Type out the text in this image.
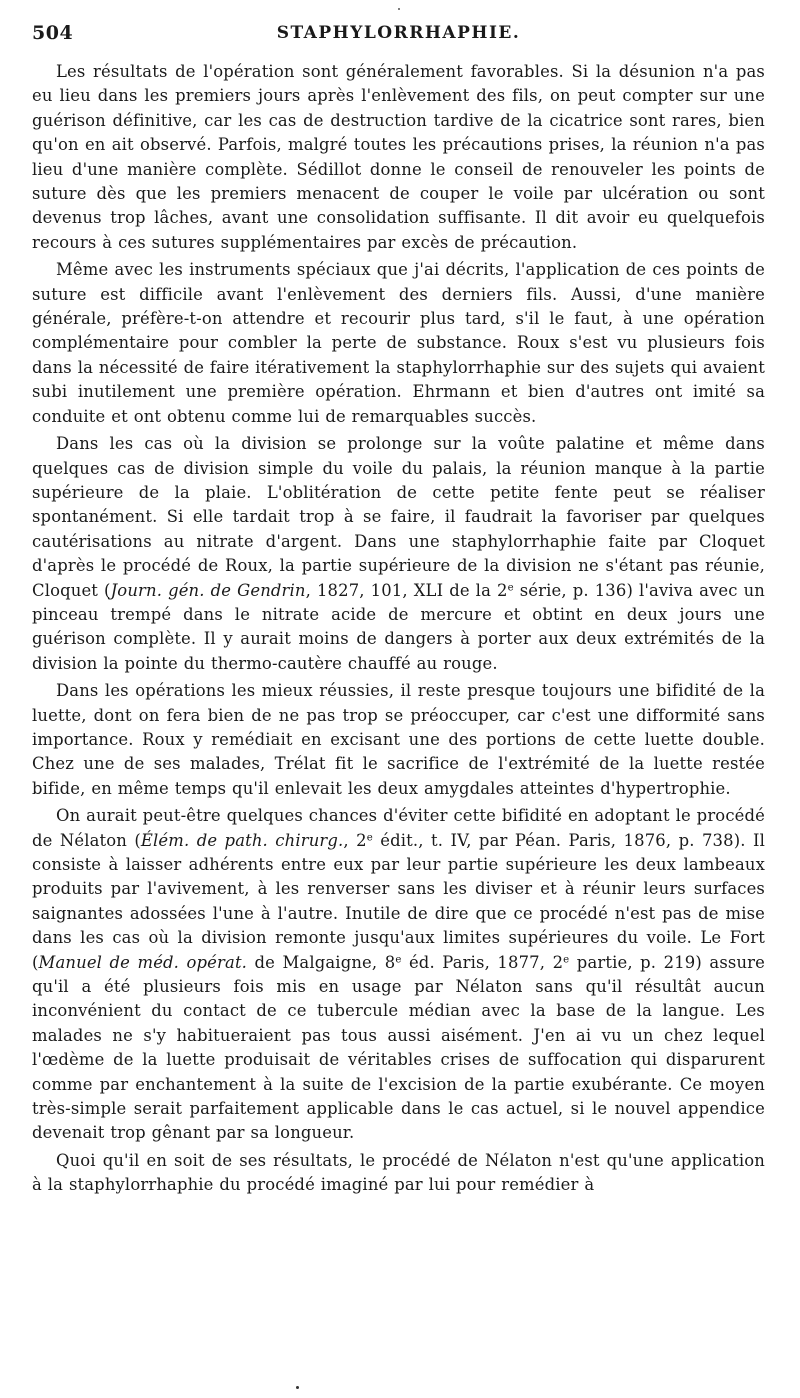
504	STAPHYLORRHAPHIE.

Les résultats de l'opération sont généralement favorables. Si la désunion n'a pas eu lieu dans les premiers jours après l'enlèvement des fils, on peut compter sur une guérison définitive, car les cas de destruction tardive de la cicatrice sont rares, bien qu'on en ait observé. Parfois, malgré toutes les précautions prises, la réunion n'a pas lieu d'une manière complète. Sédillot donne le conseil de renouveler les points de suture dès que les premiers menacent de couper le voile par ulcération ou sont devenus trop lâches, avant une consolidation suffisante. Il dit avoir eu quelquefois recours à ces sutures supplémentaires par excès de précaution.

Même avec les instruments spéciaux que j'ai décrits, l'application de ces points de suture est difficile avant l'enlèvement des derniers fils. Aussi, d'une manière générale, préfère-t-on attendre et recourir plus tard, s'il le faut, à une opération complémentaire pour combler la perte de substance. Roux s'est vu plusieurs fois dans la nécessité de faire itérativement la staphylorrhaphie sur des sujets qui avaient subi inutilement une première opération. Ehrmann et bien d'autres ont imité sa conduite et ont obtenu comme lui de remarquables succès.

Dans les cas où la division se prolonge sur la voûte palatine et même dans quelques cas de division simple du voile du palais, la réunion manque à la partie supérieure de la plaie. L'oblitération de cette petite fente peut se réaliser spontanément. Si elle tardait trop à se faire, il faudrait la favoriser par quelques cautérisations au nitrate d'argent. Dans une staphylorrhaphie faite par Cloquet d'après le procédé de Roux, la partie supérieure de la division ne s'étant pas réunie, Cloquet (Journ. gén. de Gendrin, 1827, 101, XLI de la 2e série, p. 136) l'aviva avec un pinceau trempé dans le nitrate acide de mercure et obtint en deux jours une guérison complète. Il y aurait moins de dangers à porter aux deux extrémités de la division la pointe du thermo-cautère chauffé au rouge.

Dans les opérations les mieux réussies, il reste presque toujours une bifidité de la luette, dont on fera bien de ne pas trop se préoccuper, car c'est une difformité sans importance. Roux y remédiait en excisant une des portions de cette luette double. Chez une de ses malades, Trélat fit le sacrifice de l'extrémité de la luette restée bifide, en même temps qu'il enlevait les deux amygdales atteintes d'hypertrophie.

On aurait peut-être quelques chances d'éviter cette bifidité en adoptant le procédé de Nélaton (Élém. de path. chirurg., 2e édit., t. IV, par Péan. Paris, 1876, p. 738). Il consiste à laisser adhérents entre eux par leur partie supérieure les deux lambeaux produits par l'avivement, à les renverser sans les diviser et à réunir leurs surfaces saignantes adossées l'une à l'autre. Inutile de dire que ce procédé n'est pas de mise dans les cas où la division remonte jusqu'aux limites supérieures du voile. Le Fort (Manuel de méd. opérat. de Malgaigne, 8e éd. Paris, 1877, 2e partie, p. 219) assure qu'il a été plusieurs fois mis en usage par Nélaton sans qu'il résultât aucun inconvénient du contact de ce tubercule médian avec la base de la langue. Les malades ne s'y habitueraient pas tous aussi aisément. J'en ai vu un chez lequel l'œdème de la luette produisait de véritables crises de suffocation qui disparurent comme par enchantement à la suite de l'excision de la partie exubérante. Ce moyen très-simple serait parfaitement applicable dans le cas actuel, si le nouvel appendice devenait trop gênant par sa longueur.

Quoi qu'il en soit de ses résultats, le procédé de Nélaton n'est qu'une application à la staphylorrhaphie du procédé imaginé par lui pour remédier à
